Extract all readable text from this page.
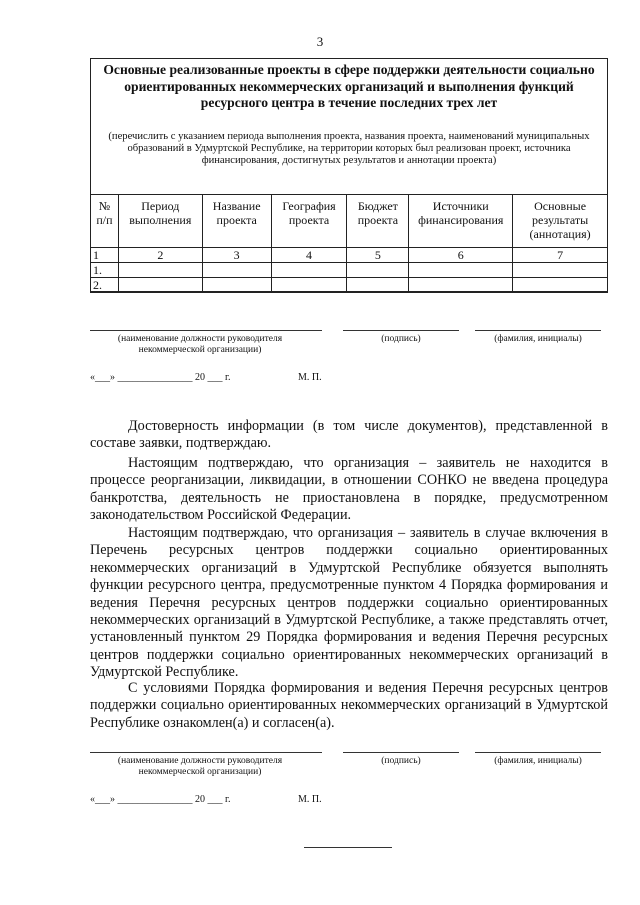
3
Основные реализованные проекты в сфере поддержки деятельности социально ориентированных некоммерческих организаций и выполнения функций ресурсного центра в течение последних трех лет
(перечислить с указанием периода выполнения проекта, названия проекта, наименований муниципальных образований в Удмуртской Республике, на территории которых был реализован проект, источника финансирования, достигнутых результатов и аннотации проекта)
№ п/п	Период выполнения	Название проекта	География проекта	Бюджет проекта	Источники финансирования	Основные результаты (аннотация)
1	2	3	4	5	6	7
1.						
2.						
(наименование должности руководителя некоммерческой организации)
(подпись)	(фамилия, инициалы)
«___» _______________ 20 ___ г.	М. П.
Достоверность информации (в том числе документов), представленной в составе заявки, подтверждаю.
Настоящим подтверждаю, что организация – заявитель не находится в процессе реорганизации, ликвидации, в отношении СОНКО не введена процедура банкротства, деятельность не приостановлена в порядке, предусмотренном законодательством Российской Федерации.
Настоящим подтверждаю, что организация – заявитель в случае включения в Перечень ресурсных центров поддержки социально ориентированных некоммерческих организаций в Удмуртской Республике обязуется выполнять функции ресурсного центра, предусмотренные пунктом 4 Порядка формирования и ведения Перечня ресурсных центров поддержки социально ориентированных некоммерческих организаций в Удмуртской Республике, а также представлять отчет, установленный пунктом 29 Порядка формирования и ведения Перечня ресурсных центров поддержки социально ориентированных некоммерческих организаций в Удмуртской Республике.
С условиями Порядка формирования и ведения Перечня ресурсных центров поддержки социально ориентированных некоммерческих организаций в Удмуртской Республике ознакомлен(а) и согласен(а).
(наименование должности руководителя некоммерческой организации)
(подпись)	(фамилия, инициалы)
«___» _______________ 20 ___ г.	М. П.
